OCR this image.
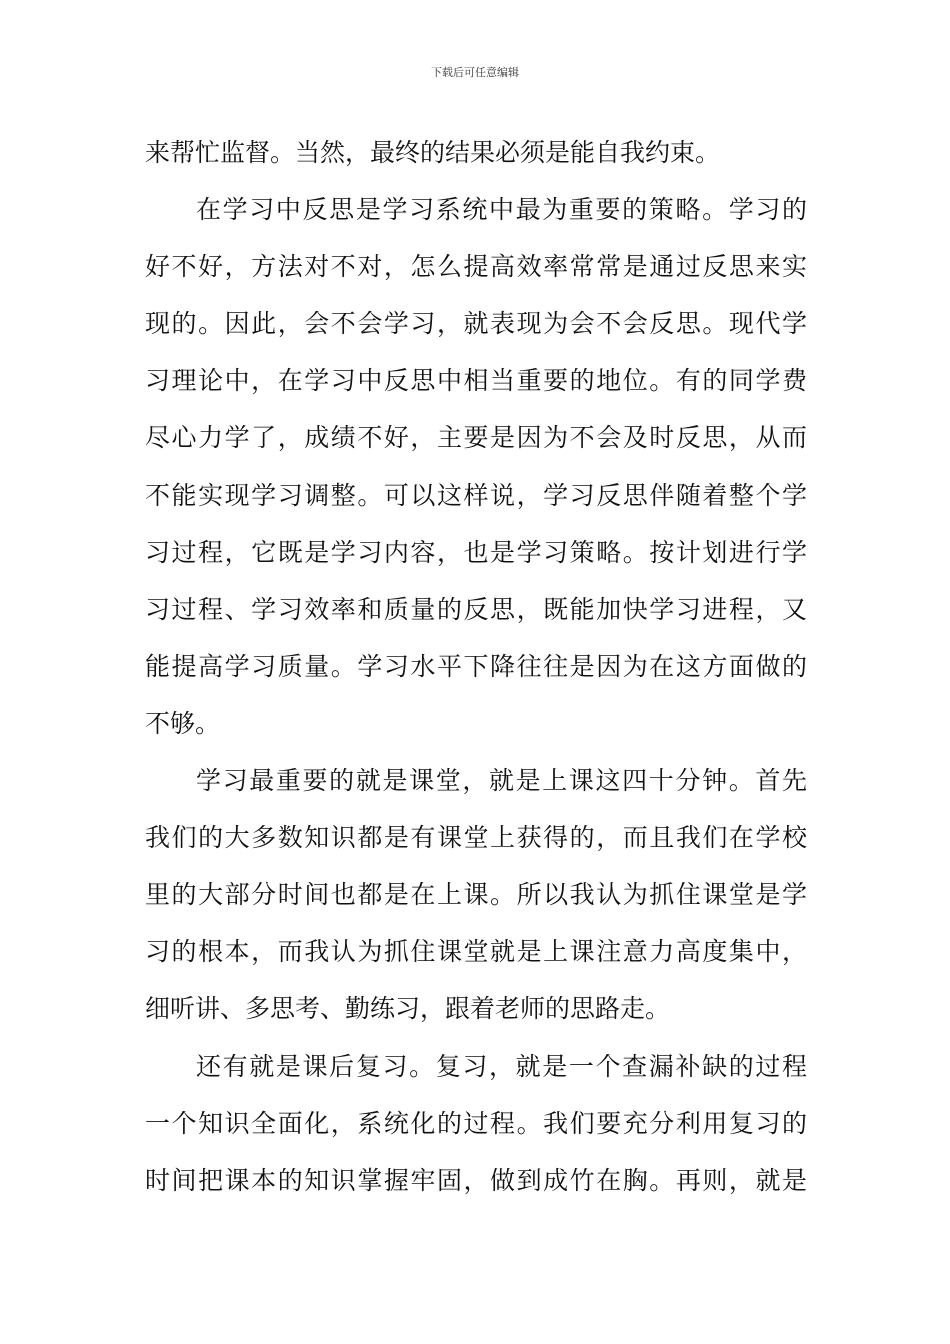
下载后可任意编辑
来帮忙监督。当然，最终的结果必须是能自我约束。
在学习中反思是学习系统中最为重要的策略。学习的
好不好，方法对不对，怎么提高效率常常是通过反思来实
现的。因此，会不会学习，就表现为会不会反思。现代学
习理论中，在学习中反思中相当重要的地位。有的同学费
尽心力学了，成绩不好，主要是因为不会及时反思，从而
不能实现学习调整。可以这样说，学习反思伴随着整个学
习过程，它既是学习内容，也是学习策略。按计划进行学
习过程、学习效率和质量的反思，既能加快学习进程，又
能提高学习质量。学习水平下降往往是因为在这方面做的
不够。
学习最重要的就是课堂，就是上课这四十分钟。首先
我们的大多数知识都是有课堂上获得的，而且我们在学校
里的大部分时间也都是在上课。所以我认为抓住课堂是学
习的根本，而我认为抓住课堂就是上课注意力高度集中，
细听讲、多思考、勤练习，跟着老师的思路走。
还有就是课后复习。复习，就是一个查漏补缺的过程
一个知识全面化，系统化的过程。我们要充分利用复习的
时间把课本的知识掌握牢固，做到成竹在胸。再则，就是
